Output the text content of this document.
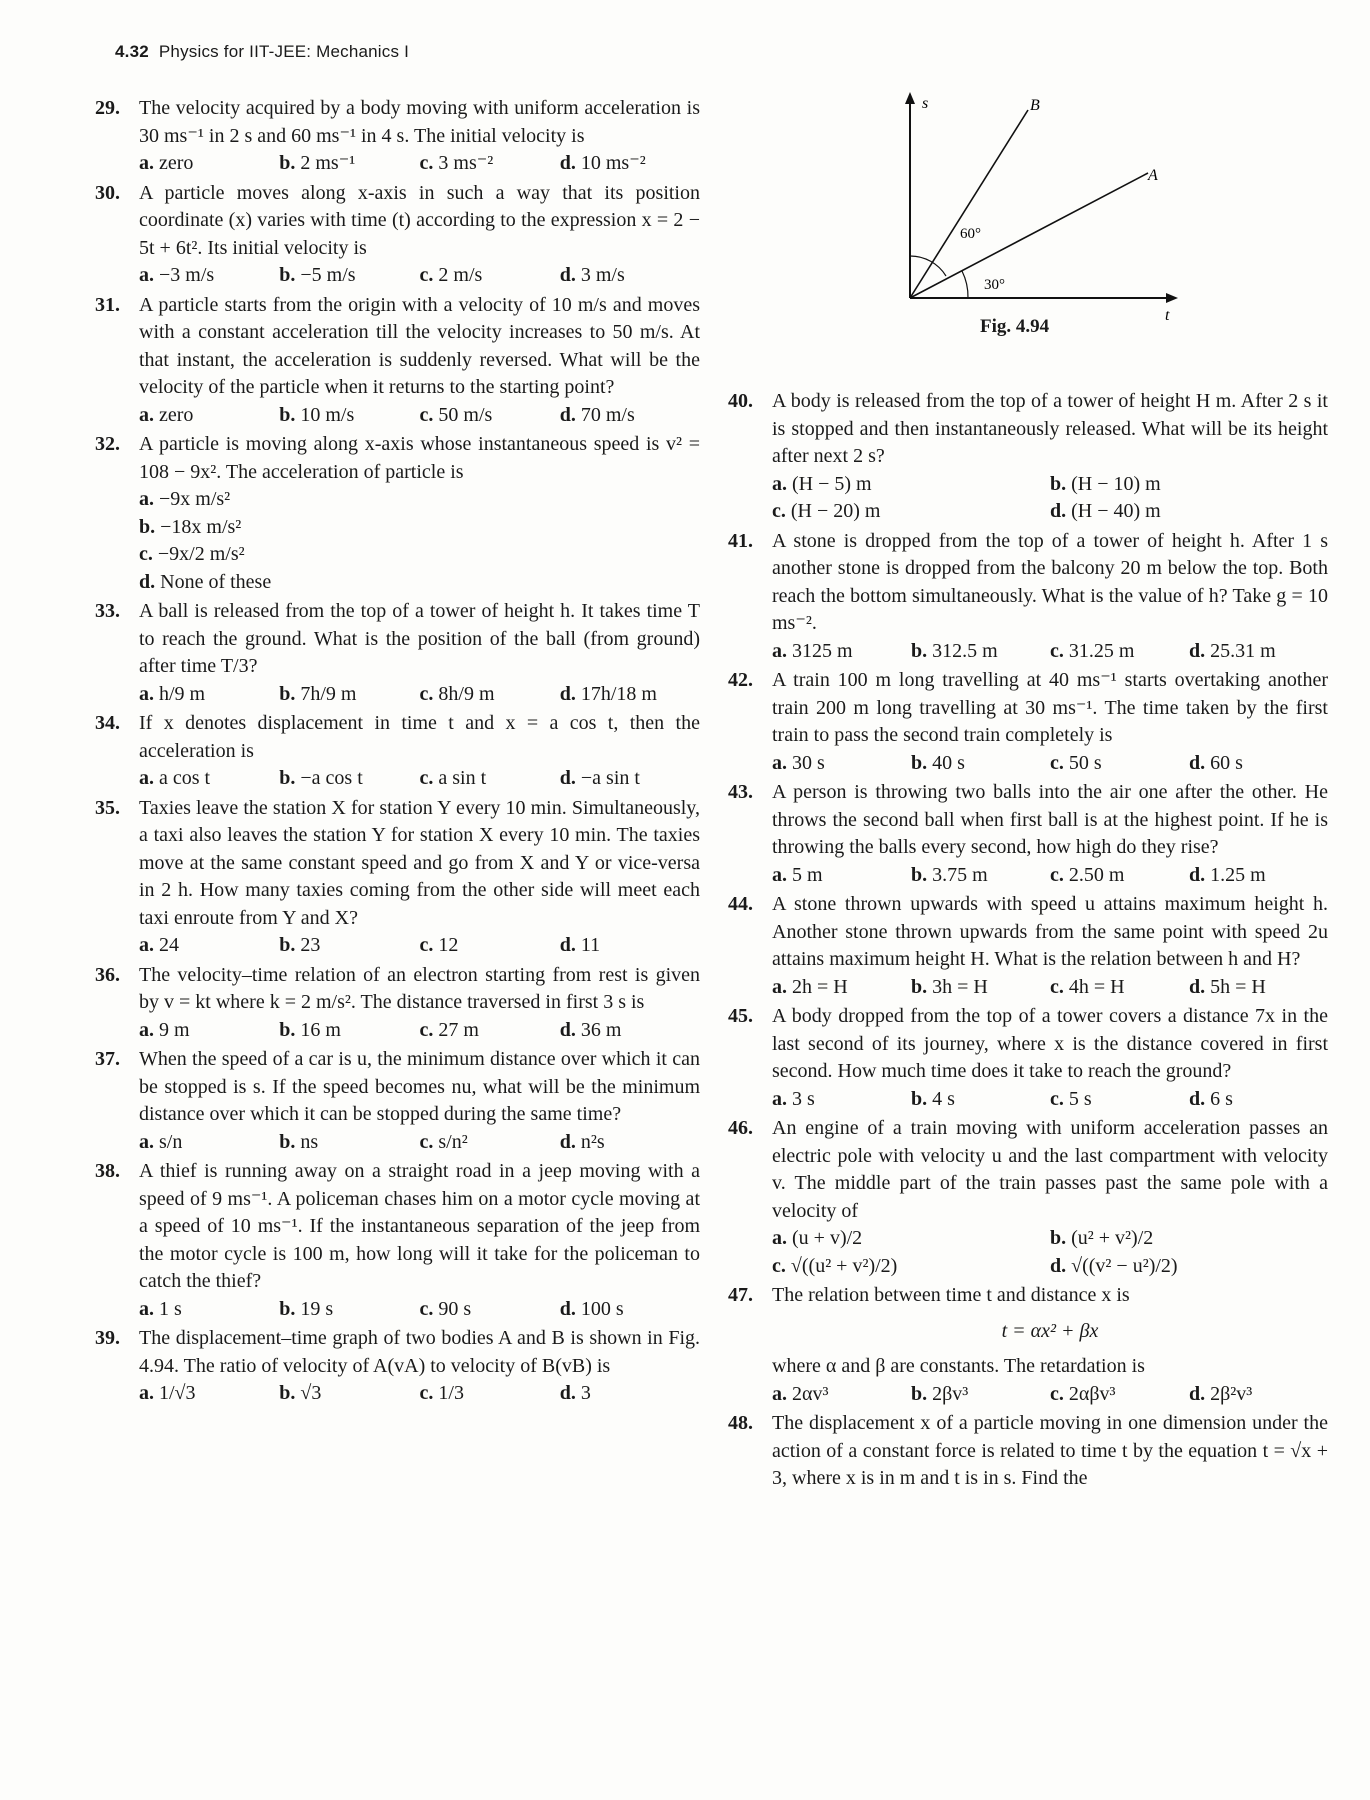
4.32 Physics for IIT-JEE: Mechanics I
s
t
B
A
60°
30°
Fig. 4.94
29. The velocity acquired by a body moving with uniform acceleration is 30 ms⁻¹ in 2 s and 60 ms⁻¹ in 4 s. The initial velocity is
a. zero	b. 2 ms⁻¹	c. 3 ms⁻²	d. 10 ms⁻²
30. A particle moves along x-axis in such a way that its position coordinate (x) varies with time (t) according to the expression x = 2 − 5t + 6t². Its initial velocity is
a. −3 m/s	b. −5 m/s	c. 2 m/s	d. 3 m/s
31. A particle starts from the origin with a velocity of 10 m/s and moves with a constant acceleration till the velocity increases to 50 m/s. At that instant, the acceleration is suddenly reversed. What will be the velocity of the particle when it returns to the starting point?
a. zero	b. 10 m/s	c. 50 m/s	d. 70 m/s
32. A particle is moving along x-axis whose instantaneous speed is v² = 108 − 9x². The acceleration of particle is
a. −9x m/s²
b. −18x m/s²
c. −9x/2 m/s²
d. None of these
33. A ball is released from the top of a tower of height h. It takes time T to reach the ground. What is the position of the ball (from ground) after time T/3?
a. h/9 m	b. 7h/9 m	c. 8h/9 m	d. 17h/18 m
34. If x denotes displacement in time t and x = a cos t, then the acceleration is
a. a cos t	b. −a cos t	c. a sin t	d. −a sin t
35. Taxies leave the station X for station Y every 10 min. Simultaneously, a taxi also leaves the station Y for station X every 10 min. The taxies move at the same constant speed and go from X and Y or vice-versa in 2 h. How many taxies coming from the other side will meet each taxi enroute from Y and X?
a. 24	b. 23	c. 12	d. 11
36. The velocity–time relation of an electron starting from rest is given by v = kt where k = 2 m/s². The distance traversed in first 3 s is
a. 9 m	b. 16 m	c. 27 m	d. 36 m
37. When the speed of a car is u, the minimum distance over which it can be stopped is s. If the speed becomes nu, what will be the minimum distance over which it can be stopped during the same time?
a. s/n	b. ns	c. s/n²	d. n²s
38. A thief is running away on a straight road in a jeep moving with a speed of 9 ms⁻¹. A policeman chases him on a motor cycle moving at a speed of 10 ms⁻¹. If the instantaneous separation of the jeep from the motor cycle is 100 m, how long will it take for the policeman to catch the thief?
a. 1 s	b. 19 s	c. 90 s	d. 100 s
39. The displacement–time graph of two bodies A and B is shown in Fig. 4.94. The ratio of velocity of A(vA) to velocity of B(vB) is
a. 1/√3	b. √3	c. 1/3	d. 3
40. A body is released from the top of a tower of height H m. After 2 s it is stopped and then instantaneously released. What will be its height after next 2 s?
a. (H − 5) m	b. (H − 10) m
c. (H − 20) m	d. (H − 40) m
41. A stone is dropped from the top of a tower of height h. After 1 s another stone is dropped from the balcony 20 m below the top. Both reach the bottom simultaneously. What is the value of h? Take g = 10 ms⁻².
a. 3125 m	b. 312.5 m	c. 31.25 m	d. 25.31 m
42. A train 100 m long travelling at 40 ms⁻¹ starts overtaking another train 200 m long travelling at 30 ms⁻¹. The time taken by the first train to pass the second train completely is
a. 30 s	b. 40 s	c. 50 s	d. 60 s
43. A person is throwing two balls into the air one after the other. He throws the second ball when first ball is at the highest point. If he is throwing the balls every second, how high do they rise?
a. 5 m	b. 3.75 m	c. 2.50 m	d. 1.25 m
44. A stone thrown upwards with speed u attains maximum height h. Another stone thrown upwards from the same point with speed 2u attains maximum height H. What is the relation between h and H?
a. 2h = H	b. 3h = H	c. 4h = H	d. 5h = H
45. A body dropped from the top of a tower covers a distance 7x in the last second of its journey, where x is the distance covered in first second. How much time does it take to reach the ground?
a. 3 s	b. 4 s	c. 5 s	d. 6 s
46. An engine of a train moving with uniform acceleration passes an electric pole with velocity u and the last compartment with velocity v. The middle part of the train passes past the same pole with a velocity of
a. (u + v)/2	b. (u² + v²)/2
c. √((u² + v²)/2)	d. √((v² − u²)/2)
47. The relation between time t and distance x is
t = αx² + βx
where α and β are constants. The retardation is
a. 2αv³	b. 2βv³	c. 2αβv³	d. 2β²v³
48. The displacement x of a particle moving in one dimension under the action of a constant force is related to time t by the equation t = √x + 3, where x is in m and t is in s. Find the
